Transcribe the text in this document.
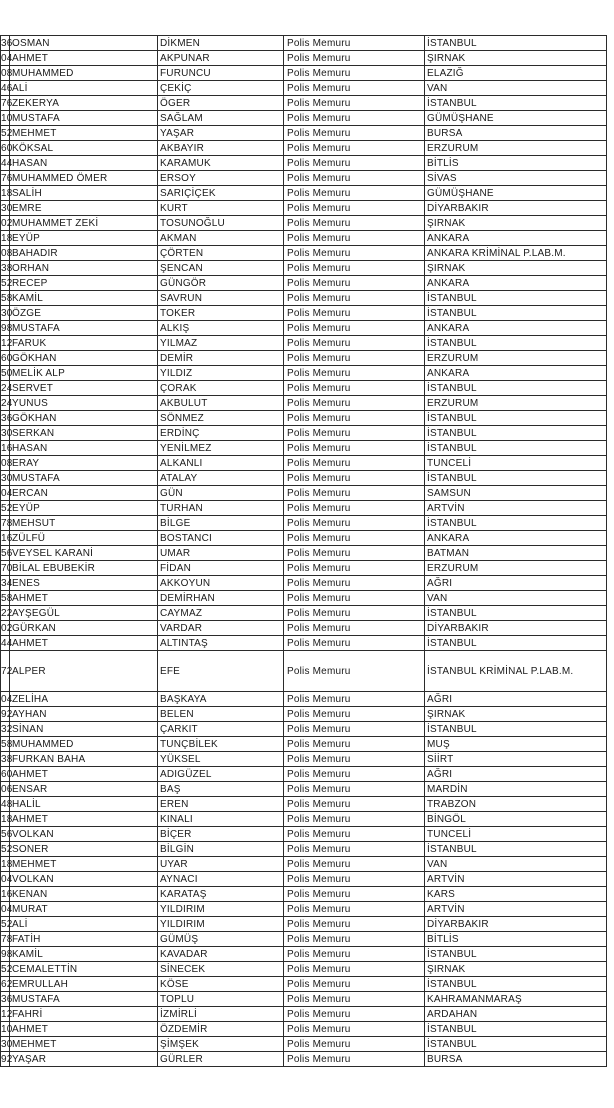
36	OSMAN	DİKMEN	Polis Memuru	İSTANBUL
04	AHMET	AKPUNAR	Polis Memuru	ŞIRNAK
08	MUHAMMED	FURUNCU	Polis Memuru	ELAZIĞ
46	ALİ	ÇEKİÇ	Polis Memuru	VAN
76	ZEKERYA	ÖGER	Polis Memuru	İSTANBUL
10	MUSTAFA	SAĞLAM	Polis Memuru	GÜMÜŞHANE
52	MEHMET	YAŞAR	Polis Memuru	BURSA
60	KÖKSAL	AKBAYIR	Polis Memuru	ERZURUM
44	HASAN	KARAMUK	Polis Memuru	BİTLİS
76	MUHAMMED ÖMER	ERSOY	Polis Memuru	SİVAS
18	SALİH	SARIÇİÇEK	Polis Memuru	GÜMÜŞHANE
30	EMRE	KURT	Polis Memuru	DİYARBAKIR
02	MUHAMMET ZEKİ	TOSUNOĞLU	Polis Memuru	ŞIRNAK
18	EYÜP	AKMAN	Polis Memuru	ANKARA
08	BAHADIR	ÇÖRTEN	Polis Memuru	ANKARA KRİMİNAL P.LAB.M.
38	ORHAN	ŞENCAN	Polis Memuru	ŞIRNAK
52	RECEP	GÜNGÖR	Polis Memuru	ANKARA
58	KAMİL	SAVRUN	Polis Memuru	İSTANBUL
30	ÖZGE	TOKER	Polis Memuru	İSTANBUL
98	MUSTAFA	ALKIŞ	Polis Memuru	ANKARA
12	FARUK	YILMAZ	Polis Memuru	İSTANBUL
60	GÖKHAN	DEMİR	Polis Memuru	ERZURUM
50	MELİK ALP	YILDIZ	Polis Memuru	ANKARA
24	SERVET	ÇORAK	Polis Memuru	İSTANBUL
24	YUNUS	AKBULUT	Polis Memuru	ERZURUM
36	GÖKHAN	SÖNMEZ	Polis Memuru	İSTANBUL
30	SERKAN	ERDİNÇ	Polis Memuru	İSTANBUL
16	HASAN	YENİLMEZ	Polis Memuru	İSTANBUL
08	ERAY	ALKANLI	Polis Memuru	TUNCELİ
30	MUSTAFA	ATALAY	Polis Memuru	İSTANBUL
04	ERCAN	GÜN	Polis Memuru	SAMSUN
52	EYÜP	TURHAN	Polis Memuru	ARTVİN
78	MEHSUT	BİLGE	Polis Memuru	İSTANBUL
16	ZÜLFÜ	BOSTANCI	Polis Memuru	ANKARA
56	VEYSEL KARANİ	UMAR	Polis Memuru	BATMAN
70	BİLAL EBUBEKİR	FİDAN	Polis Memuru	ERZURUM
34	ENES	AKKOYUN	Polis Memuru	AĞRI
58	AHMET	DEMİRHAN	Polis Memuru	VAN
22	AYŞEGÜL	CAYMAZ	Polis Memuru	İSTANBUL
02	GÜRKAN	VARDAR	Polis Memuru	DİYARBAKIR
44	AHMET	ALTINTAŞ	Polis Memuru	İSTANBUL
72	ALPER	EFE	Polis Memuru	İSTANBUL KRİMİNAL P.LAB.M.
04	ZELİHA	BAŞKAYA	Polis Memuru	AĞRI
92	AYHAN	BELEN	Polis Memuru	ŞIRNAK
32	SİNAN	ÇARKIT	Polis Memuru	İSTANBUL
58	MUHAMMED	TUNÇBİLEK	Polis Memuru	MUŞ
38	FURKAN BAHA	YÜKSEL	Polis Memuru	SİİRT
60	AHMET	ADIGÜZEL	Polis Memuru	AĞRI
06	ENSAR	BAŞ	Polis Memuru	MARDİN
48	HALİL	EREN	Polis Memuru	TRABZON
18	AHMET	KINALI	Polis Memuru	BİNGÖL
56	VOLKAN	BİÇER	Polis Memuru	TUNCELİ
52	SONER	BİLGİN	Polis Memuru	İSTANBUL
18	MEHMET	UYAR	Polis Memuru	VAN
04	VOLKAN	AYNACI	Polis Memuru	ARTVİN
16	KENAN	KARATAŞ	Polis Memuru	KARS
04	MURAT	YILDIRIM	Polis Memuru	ARTVİN
52	ALİ	YILDIRIM	Polis Memuru	DİYARBAKIR
78	FATİH	GÜMÜŞ	Polis Memuru	BİTLİS
98	KAMİL	KAVADAR	Polis Memuru	İSTANBUL
52	CEMALETTİN	SİNECEK	Polis Memuru	ŞIRNAK
62	EMRULLAH	KÖSE	Polis Memuru	İSTANBUL
36	MUSTAFA	TOPLU	Polis Memuru	KAHRAMANMARAŞ
12	FAHRİ	İZMİRLİ	Polis Memuru	ARDAHAN
10	AHMET	ÖZDEMİR	Polis Memuru	İSTANBUL
30	MEHMET	ŞİMŞEK	Polis Memuru	İSTANBUL
92	YAŞAR	GÜRLER	Polis Memuru	BURSA
